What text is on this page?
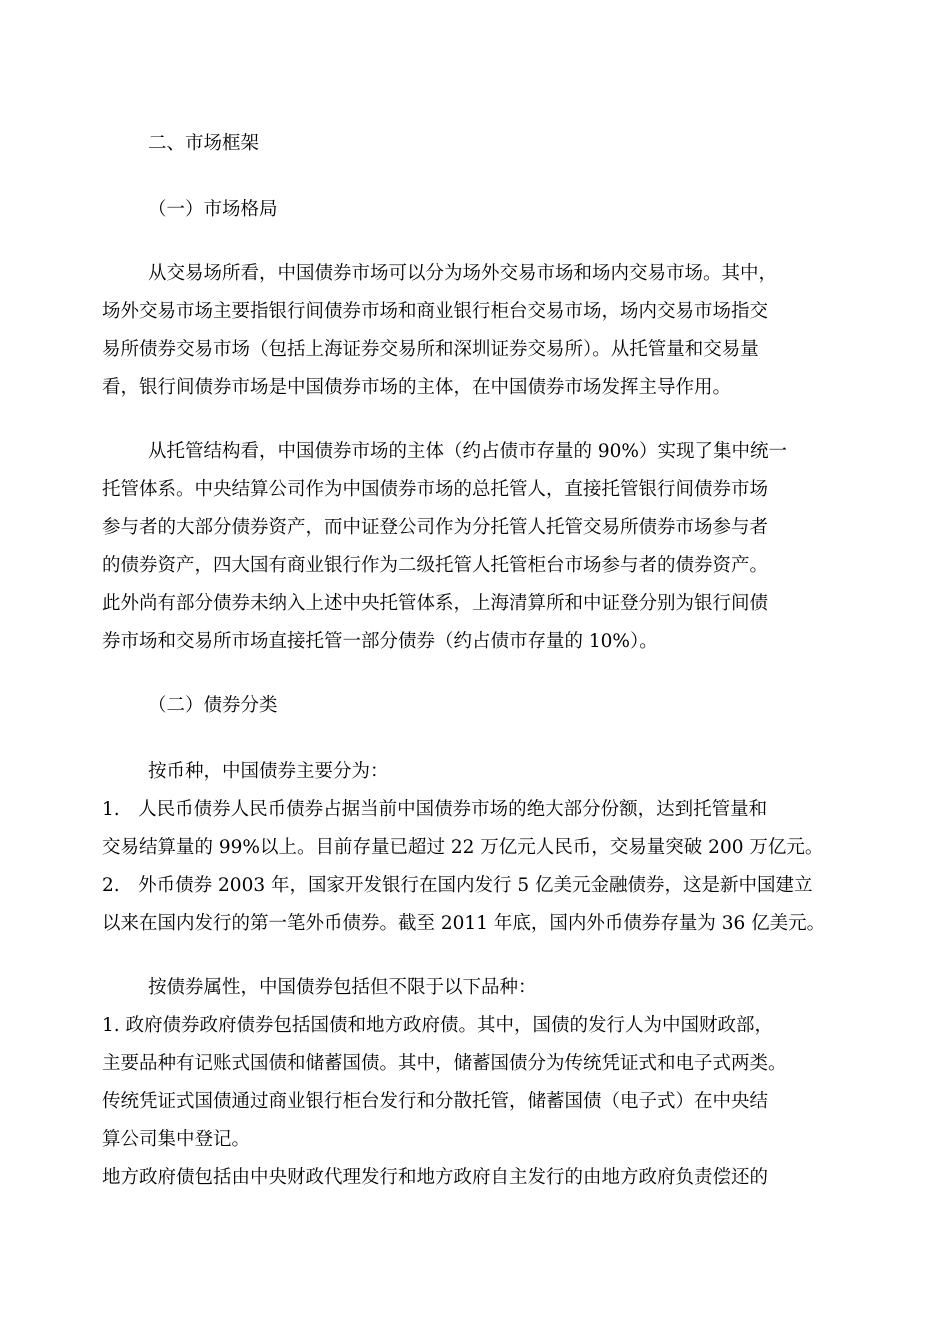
二、市场框架
（一）市场格局
从交易场所看，中国债券市场可以分为场外交易市场和场内交易市场。其中，
场外交易市场主要指银行间债券市场和商业银行柜台交易市场，场内交易市场指交
易所债券交易市场（包括上海证券交易所和深圳证券交易所）。从托管量和交易量
看，银行间债券市场是中国债券市场的主体，在中国债券市场发挥主导作用。
从托管结构看，中国债券市场的主体（约占债市存量的 90%）实现了集中统一
托管体系。中央结算公司作为中国债券市场的总托管人，直接托管银行间债券市场
参与者的大部分债券资产，而中证登公司作为分托管人托管交易所债券市场参与者
的债券资产，四大国有商业银行作为二级托管人托管柜台市场参与者的债券资产。
此外尚有部分债券未纳入上述中央托管体系，上海清算所和中证登分别为银行间债
券市场和交易所市场直接托管一部分债券（约占债市存量的 10%）。
（二）债券分类
按币种，中国债券主要分为：
1.　人民币债券人民币债券占据当前中国债券市场的绝大部分份额，达到托管量和
交易结算量的 99%以上。目前存量已超过 22 万亿元人民币，交易量突破 200 万亿元。
2.　外币债券 2003 年，国家开发银行在国内发行 5 亿美元金融债券，这是新中国建立
以来在国内发行的第一笔外币债券。截至 2011 年底，国内外币债券存量为 36 亿美元。
按债券属性，中国债券包括但不限于以下品种：
1. 政府债券政府债券包括国债和地方政府债。其中，国债的发行人为中国财政部，
主要品种有记账式国债和储蓄国债。其中，储蓄国债分为传统凭证式和电子式两类。
传统凭证式国债通过商业银行柜台发行和分散托管，储蓄国债（电子式）在中央结
算公司集中登记。
地方政府债包括由中央财政代理发行和地方政府自主发行的由地方政府负责偿还的
